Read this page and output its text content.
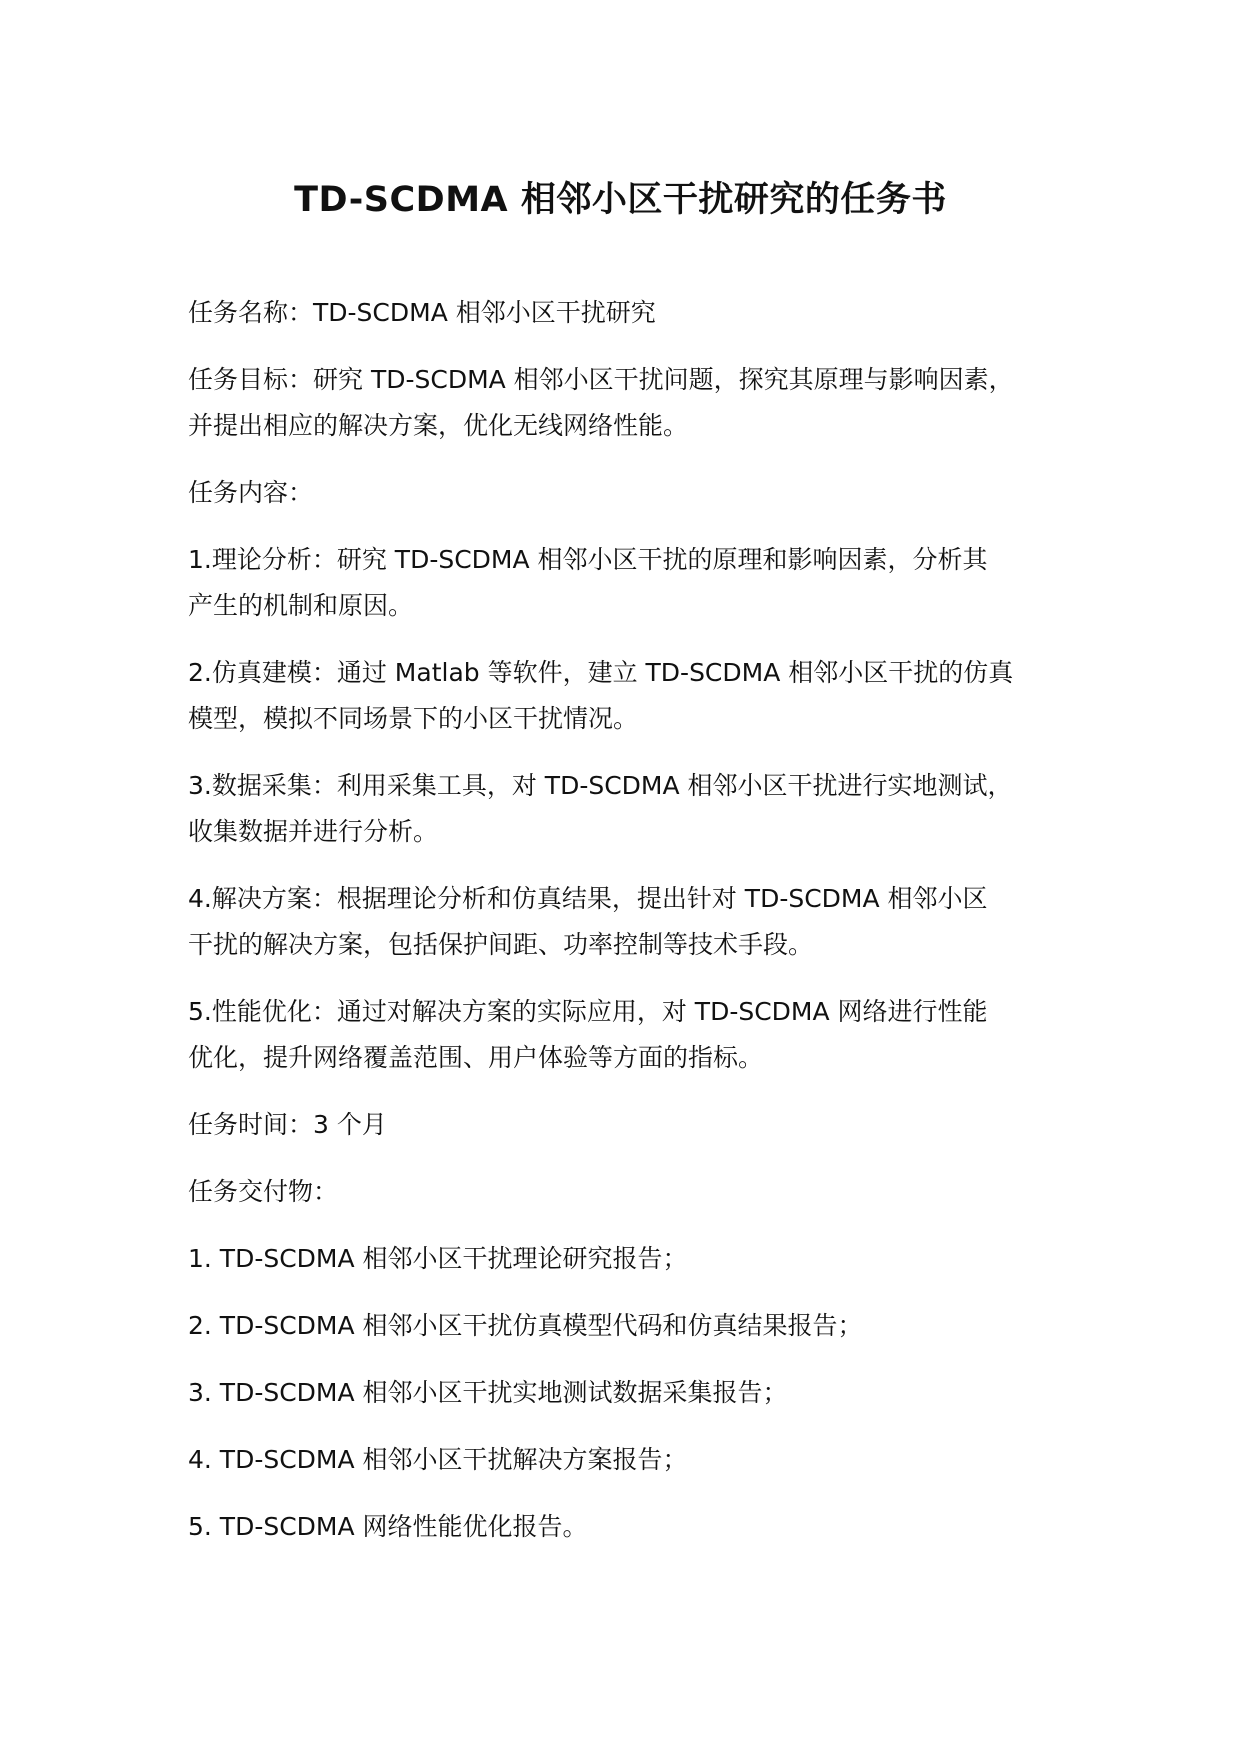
TD-SCDMA 相邻小区干扰研究的任务书
任务名称：TD-SCDMA 相邻小区干扰研究
任务目标：研究 TD-SCDMA 相邻小区干扰问题，探究其原理与影响因素，
并提出相应的解决方案，优化无线网络性能。
任务内容：
1.理论分析：研究 TD-SCDMA 相邻小区干扰的原理和影响因素，分析其
产生的机制和原因。
2.仿真建模：通过 Matlab 等软件，建立 TD-SCDMA 相邻小区干扰的仿真
模型，模拟不同场景下的小区干扰情况。
3.数据采集：利用采集工具，对 TD-SCDMA 相邻小区干扰进行实地测试，
收集数据并进行分析。
4.解决方案：根据理论分析和仿真结果，提出针对 TD-SCDMA 相邻小区
干扰的解决方案，包括保护间距、功率控制等技术手段。
5.性能优化：通过对解决方案的实际应用，对 TD-SCDMA 网络进行性能
优化，提升网络覆盖范围、用户体验等方面的指标。
任务时间：3 个月
任务交付物：
1. TD-SCDMA 相邻小区干扰理论研究报告；
2. TD-SCDMA 相邻小区干扰仿真模型代码和仿真结果报告；
3. TD-SCDMA 相邻小区干扰实地测试数据采集报告；
4. TD-SCDMA 相邻小区干扰解决方案报告；
5. TD-SCDMA 网络性能优化报告。
